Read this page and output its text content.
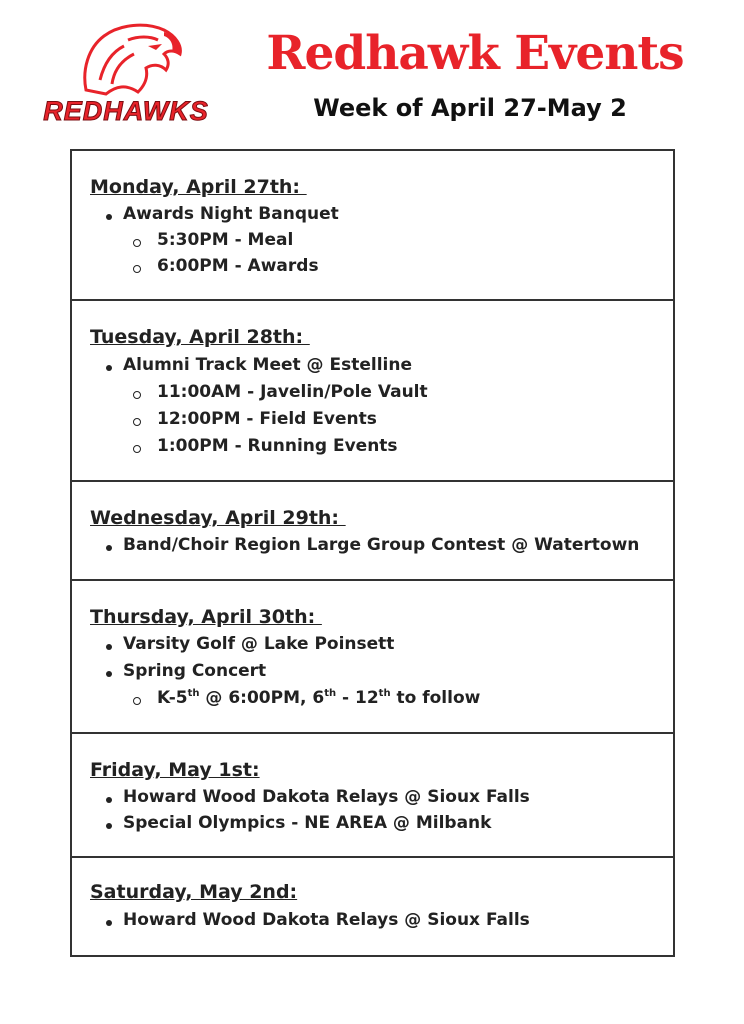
REDHAWKS
Redhawk Events
Week of April 27-May 2
Monday, April 27th:
Awards Night Banquet
5:30PM - Meal
6:00PM - Awards
Tuesday, April 28th:
Alumni Track Meet @ Estelline
11:00AM - Javelin/Pole Vault
12:00PM - Field Events
1:00PM - Running Events
Wednesday, April 29th:
Band/Choir Region Large Group Contest @ Watertown
Thursday, April 30th:
Varsity Golf @ Lake Poinsett
Spring Concert
K-5th @ 6:00PM, 6th - 12th to follow
Friday, May 1st:
Howard Wood Dakota Relays @ Sioux Falls
Special Olympics - NE AREA @ Milbank
Saturday, May 2nd:
Howard Wood Dakota Relays @ Sioux Falls
